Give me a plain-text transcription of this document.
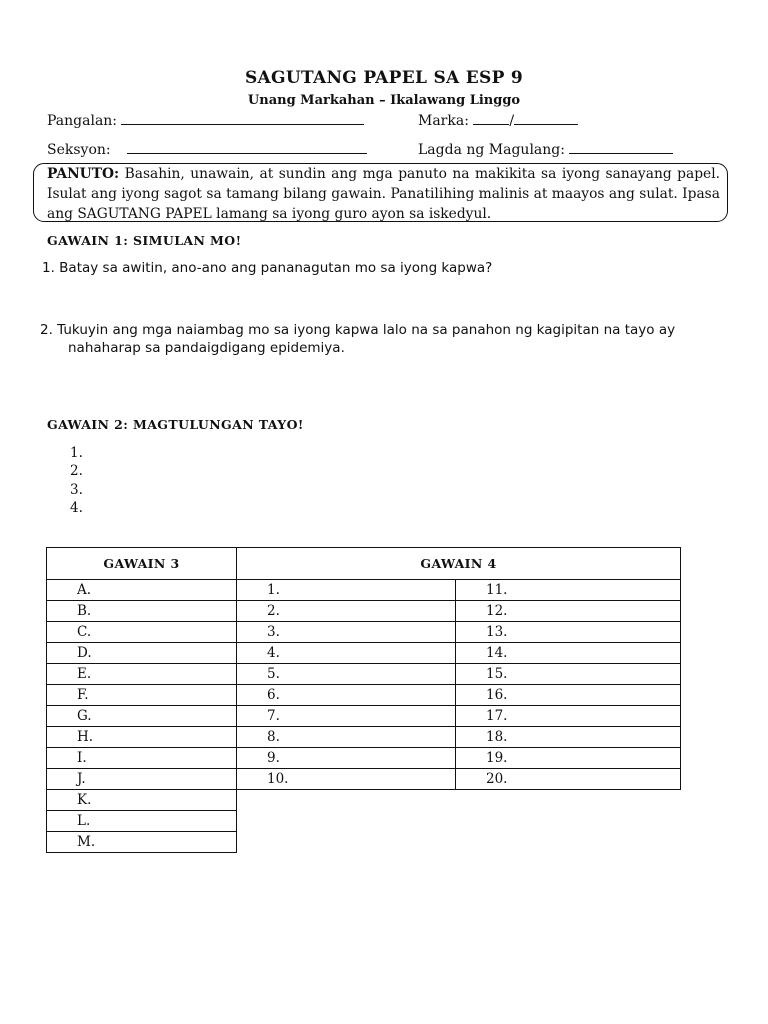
SAGUTANG PAPEL SA ESP 9
Unang Markahan – Ikalawang Linggo
Pangalan:	Marka:	/
Seksyon:	Lagda ng Magulang:
PANUTO: Basahin, unawain, at sundin ang mga panuto na makikita sa iyong sanayang papel. Isulat ang iyong sagot sa tamang bilang gawain. Panatilihing malinis at maayos ang sulat. Ipasa ang SAGUTANG PAPEL lamang sa iyong guro ayon sa iskedyul.
GAWAIN 1: SIMULAN MO!
1. Batay sa awitin, ano-ano ang pananagutan mo sa iyong kapwa?
2. Tukuyin ang mga naiambag mo sa iyong kapwa lalo na sa panahon ng kagipitan na tayo ay
nahaharap sa pandaigdigang epidemiya.
GAWAIN 2: MAGTULUNGAN TAYO!
1.
2.
3.
4.
GAWAIN 3	GAWAIN 4	
A.	1.	11.
B.	2.	12.
C.	3.	13.
D.	4.	14.
E.	5.	15.
F.	6.	16.
G.	7.	17.
H.	8.	18.
I.	9.	19.
J.	10.	20.
K.		
L.		
M.		
